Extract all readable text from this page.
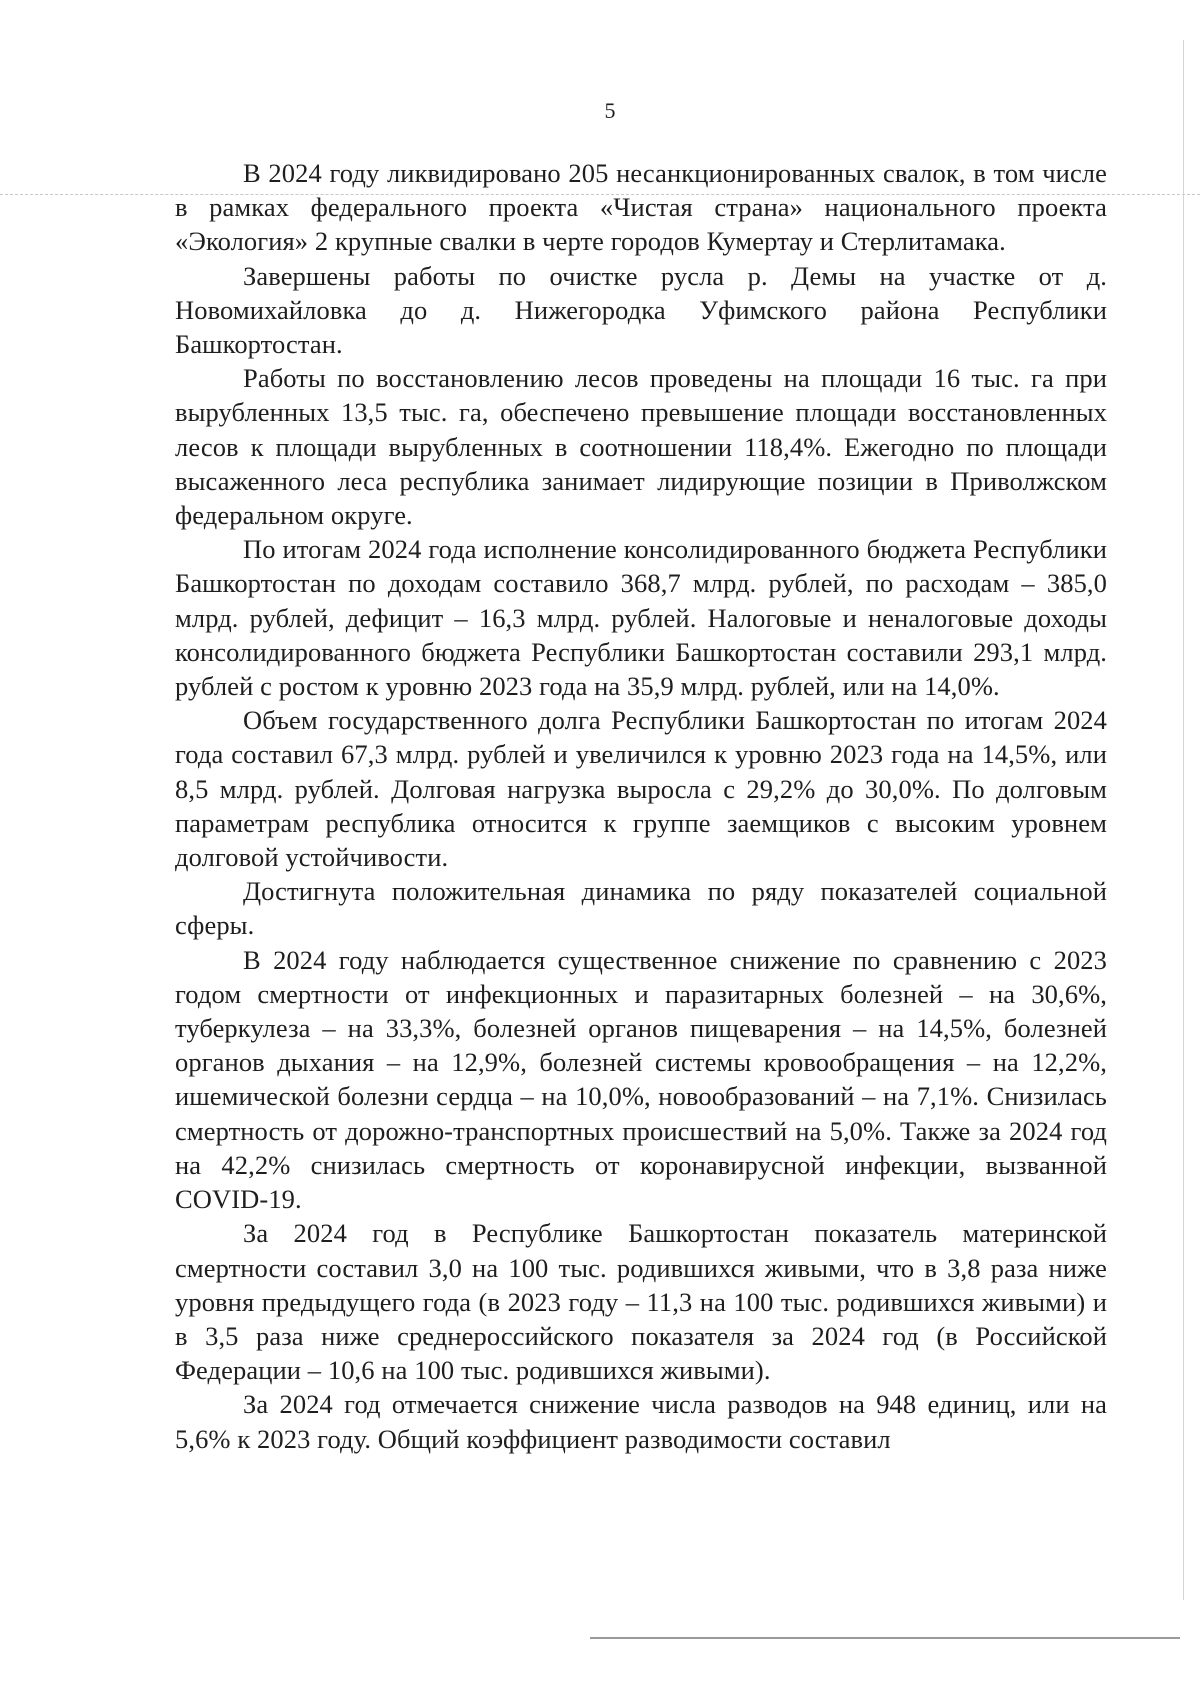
5

В 2024 году ликвидировано 205 несанкционированных свалок, в том числе в рамках федерального проекта «Чистая страна» национального проекта «Экология» 2 крупные свалки в черте городов Кумертау и Стерлитамака.

Завершены работы по очистке русла р. Демы на участке от д. Новомихайловка до д. Нижегородка Уфимского района Республики Башкортостан.

Работы по восстановлению лесов проведены на площади 16 тыс. га при вырубленных 13,5 тыс. га, обеспечено превышение площади восстановленных лесов к площади вырубленных в соотношении 118,4%. Ежегодно по площади высаженного леса республика занимает лидирующие позиции в Приволжском федеральном округе.

По итогам 2024 года исполнение консолидированного бюджета Республики Башкортостан по доходам составило 368,7 млрд. рублей, по расходам – 385,0 млрд. рублей, дефицит – 16,3 млрд. рублей. Налоговые и неналоговые доходы консолидированного бюджета Республики Башкортостан составили 293,1 млрд. рублей с ростом к уровню 2023 года на 35,9 млрд. рублей, или на 14,0%.

Объем государственного долга Республики Башкортостан по итогам 2024 года составил 67,3 млрд. рублей и увеличился к уровню 2023 года на 14,5%, или 8,5 млрд. рублей. Долговая нагрузка выросла с 29,2% до 30,0%. По долговым параметрам республика относится к группе заемщиков с высоким уровнем долговой устойчивости.

Достигнута положительная динамика по ряду показателей социальной сферы.

В 2024 году наблюдается существенное снижение по сравнению с 2023 годом смертности от инфекционных и паразитарных болезней – на 30,6%, туберкулеза – на 33,3%, болезней органов пищеварения – на 14,5%, болезней органов дыхания – на 12,9%, болезней системы кровообращения – на 12,2%, ишемической болезни сердца – на 10,0%, новообразований – на 7,1%. Снизилась смертность от дорожно-транспортных происшествий на 5,0%. Также за 2024 год на 42,2% снизилась смертность от коронавирусной инфекции, вызванной COVID-19.

За 2024 год в Республике Башкортостан показатель материнской смертности составил 3,0 на 100 тыс. родившихся живыми, что в 3,8 раза ниже уровня предыдущего года (в 2023 году – 11,3 на 100 тыс. родившихся живыми) и в 3,5 раза ниже среднероссийского показателя за 2024 год (в Российской Федерации – 10,6 на 100 тыс. родившихся живыми).

За 2024 год отмечается снижение числа разводов на 948 единиц, или на 5,6% к 2023 году. Общий коэффициент разводимости составил
